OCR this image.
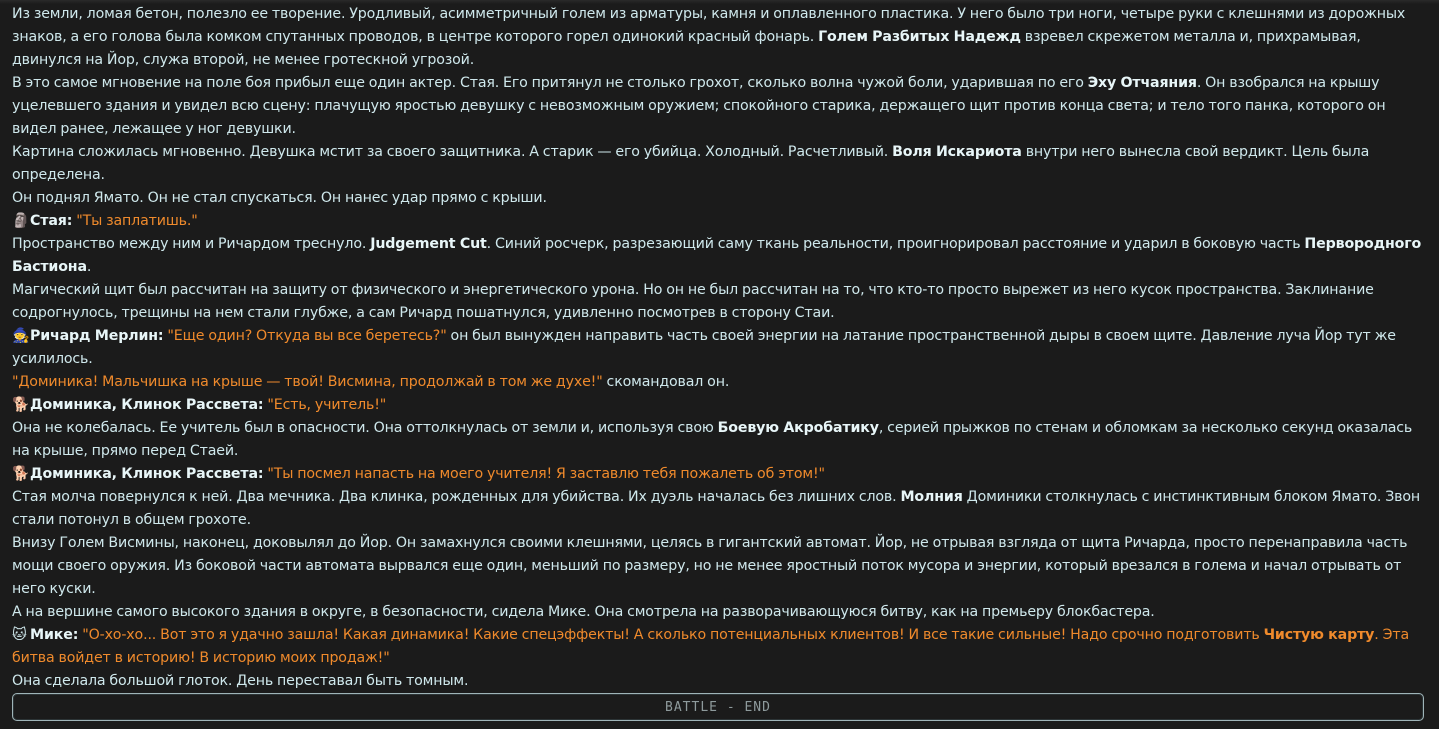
Из земли, ломая бетон, полезло ее творение. Уродливый, асимметричный голем из арматуры, камня и оплавленного пластика. У него было три ноги, четыре руки с клешнями из дорожных знаков, а его голова была комком спутанных проводов, в центре которого горел одинокий красный фонарь. Голем Разбитых Надежд взревел скрежетом металла и, прихрамывая, двинулся на Йор, служа второй, не менее гротескной угрозой.

В это самое мгновение на поле боя прибыл еще один актер. Стая. Его притянул не столько грохот, сколько волна чужой боли, ударившая по его Эху Отчаяния. Он взобрался на крышу уцелевшего здания и увидел всю сцену: плачущую яростью девушку с невозможным оружием; спокойного старика, держащего щит против конца света; и тело того панка, которого он видел ранее, лежащее у ног девушки.

Картина сложилась мгновенно. Девушка мстит за своего защитника. А старик — его убийца. Холодный. Расчетливый. Воля Искариота внутри него вынесла свой вердикт. Цель была определена.

Он поднял Ямато. Он не стал спускаться. Он нанес удар прямо с крыши.

🗿Стая: "Ты заплатишь."

Пространство между ним и Ричардом треснуло. Judgement Cut. Синий росчерк, разрезающий саму ткань реальности, проигнорировал расстояние и ударил в боковую часть Первородного Бастиона.

Магический щит был рассчитан на защиту от физического и энергетического урона. Но он не был рассчитан на то, что кто-то просто вырежет из него кусок пространства. Заклинание содрогнулось, трещины на нем стали глубже, а сам Ричард пошатнулся, удивленно посмотрев в сторону Стаи.

🧙Ричард Мерлин: "Еще один? Откуда вы все беретесь?" он был вынужден направить часть своей энергии на латание пространственной дыры в своем щите. Давление луча Йор тут же усилилось.

"Доминика! Мальчишка на крыше — твой! Висмина, продолжай в том же духе!" скомандовал он.

🐕Доминика, Клинок Рассвета: "Есть, учитель!"

Она не колебалась. Ее учитель был в опасности. Она оттолкнулась от земли и, используя свою Боевую Акробатику, серией прыжков по стенам и обломкам за несколько секунд оказалась на крыше, прямо перед Стаей.

🐕Доминика, Клинок Рассвета: "Ты посмел напасть на моего учителя! Я заставлю тебя пожалеть об этом!"

Стая молча повернулся к ней. Два мечника. Два клинка, рожденных для убийства. Их дуэль началась без лишних слов. Молния Доминики столкнулась с инстинктивным блоком Ямато. Звон стали потонул в общем грохоте.

Внизу Голем Висмины, наконец, доковылял до Йор. Он замахнулся своими клешнями, целясь в гигантский автомат. Йор, не отрывая взгляда от щита Ричарда, просто перенаправила часть мощи своего оружия. Из боковой части автомата вырвался еще один, меньший по размеру, но не менее яростный поток мусора и энергии, который врезался в голема и начал отрывать от него куски.

А на вершине самого высокого здания в округе, в безопасности, сидела Мике. Она смотрела на разворачивающуюся битву, как на премьеру блокбастера.

🐱 Мике: "О-хо-хо... Вот это я удачно зашла! Какая динамика! Какие спецэффекты! А сколько потенциальных клиентов! И все такие сильные! Надо срочно подготовить Чистую карту. Эта битва войдет в историю! В историю моих продаж!"

Она сделала большой глоток. День переставал быть томным.

BATTLE - END
